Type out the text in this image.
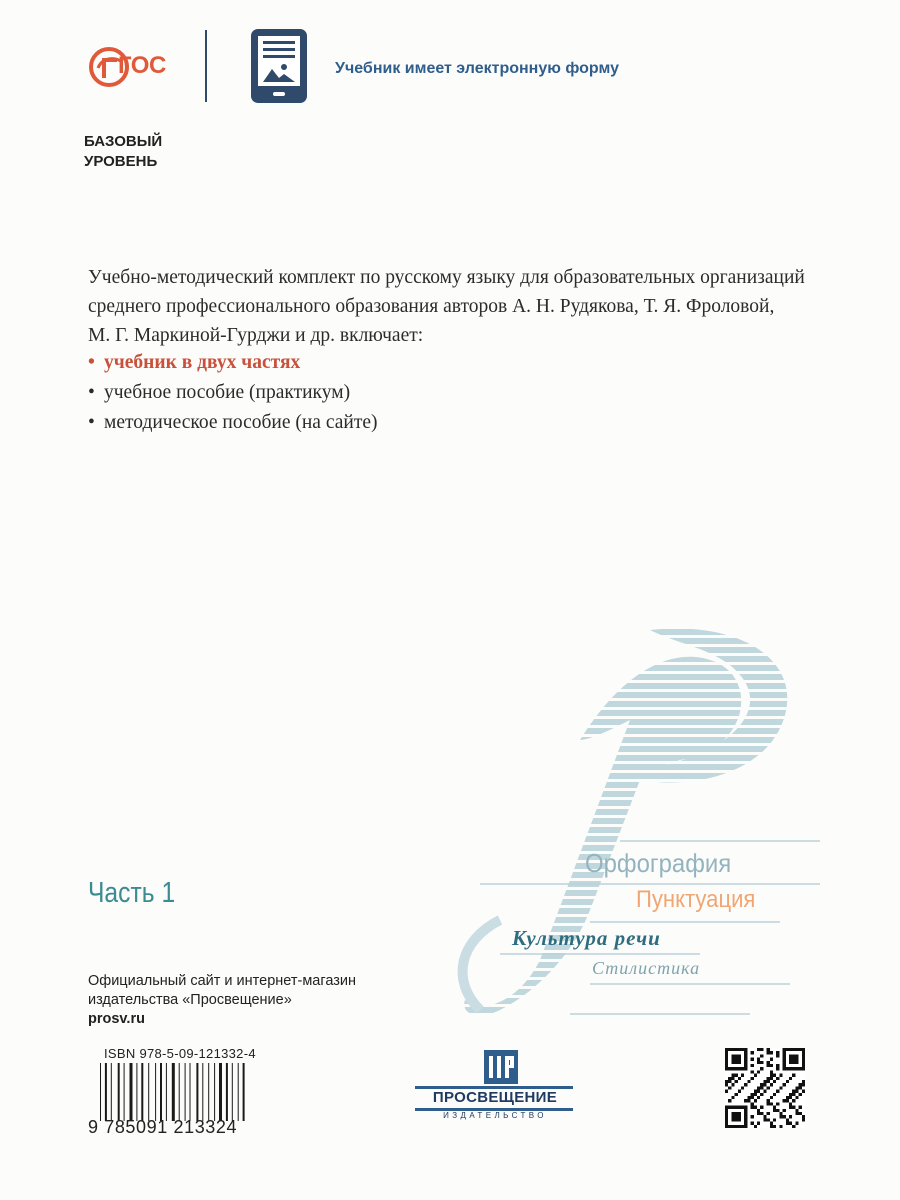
ГОС	Учебник имеет электронную форму
БАЗОВЫЙ
УРОВЕНЬ

Учебно-методический комплект по русскому языку для образовательных организаций

среднего профессионального образования авторов А. Н. Рудякова, Т. Я. Фроловой,

М. Г. Маркиной-Гурджи и др. включает:

• учебник в двух частях
• учебное пособие (практикум)
• методическое пособие (на сайте)
Орфография
Пунктуация
Культура речи
Стилистика
Часть 1
Официальный сайт и интернет-магазин
издательства «Просвещение»
prosv.ru
ISBN 978-5-09-121332-4
9 785091 213324
ПРОСВЕЩЕНИЕ
ИЗДАТЕЛЬСТВО
